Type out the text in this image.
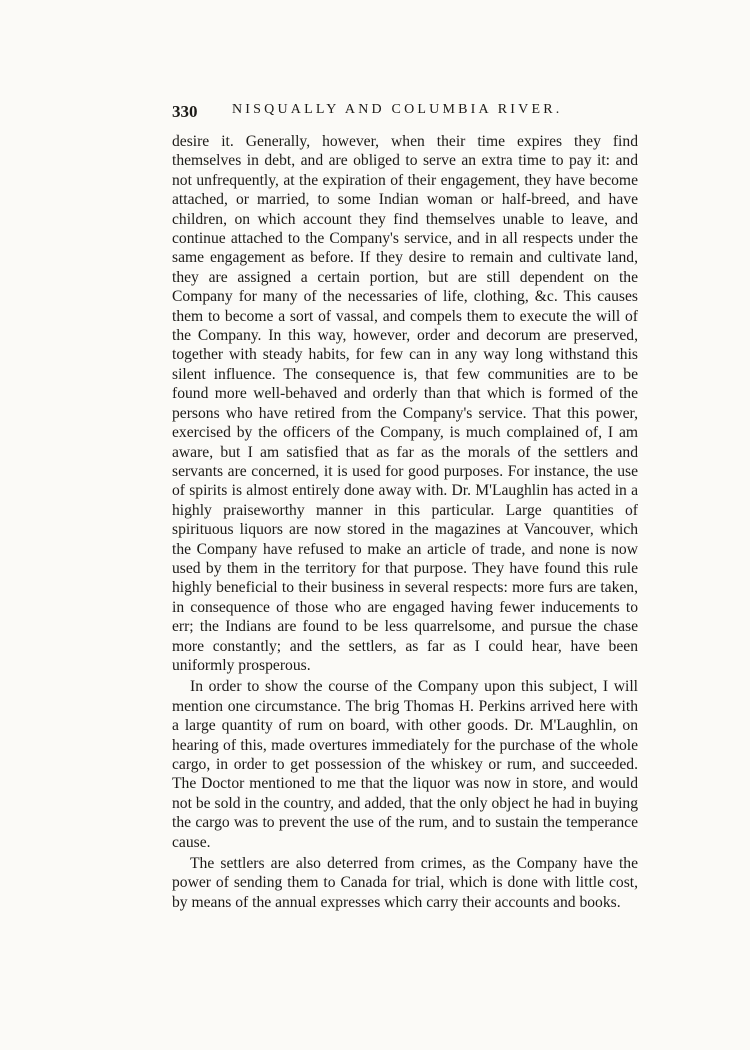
330 NISQUALLY AND COLUMBIA RIVER.

desire it. Generally, however, when their time expires they find themselves in debt, and are obliged to serve an extra time to pay it: and not unfrequently, at the expiration of their engagement, they have become attached, or married, to some Indian woman or half-breed, and have children, on which account they find themselves unable to leave, and continue attached to the Company's service, and in all respects under the same engagement as before. If they desire to remain and cultivate land, they are assigned a certain portion, but are still dependent on the Company for many of the necessaries of life, clothing, &c. This causes them to become a sort of vassal, and compels them to execute the will of the Company. In this way, however, order and decorum are preserved, together with steady habits, for few can in any way long withstand this silent influence. The consequence is, that few communities are to be found more well-behaved and orderly than that which is formed of the persons who have retired from the Company's service. That this power, exercised by the officers of the Company, is much complained of, I am aware, but I am satisfied that as far as the morals of the settlers and servants are concerned, it is used for good purposes. For instance, the use of spirits is almost entirely done away with. Dr. M'Laughlin has acted in a highly praiseworthy manner in this particular. Large quantities of spirituous liquors are now stored in the magazines at Vancouver, which the Company have refused to make an article of trade, and none is now used by them in the territory for that purpose. They have found this rule highly beneficial to their business in several respects: more furs are taken, in consequence of those who are engaged having fewer inducements to err; the Indians are found to be less quarrelsome, and pursue the chase more constantly; and the settlers, as far as I could hear, have been uniformly prosperous.

In order to show the course of the Company upon this subject, I will mention one circumstance. The brig Thomas H. Perkins arrived here with a large quantity of rum on board, with other goods. Dr. M'Laughlin, on hearing of this, made overtures immediately for the purchase of the whole cargo, in order to get possession of the whiskey or rum, and succeeded. The Doctor mentioned to me that the liquor was now in store, and would not be sold in the country, and added, that the only object he had in buying the cargo was to prevent the use of the rum, and to sustain the temperance cause.

The settlers are also deterred from crimes, as the Company have the power of sending them to Canada for trial, which is done with little cost, by means of the annual expresses which carry their accounts and books.
